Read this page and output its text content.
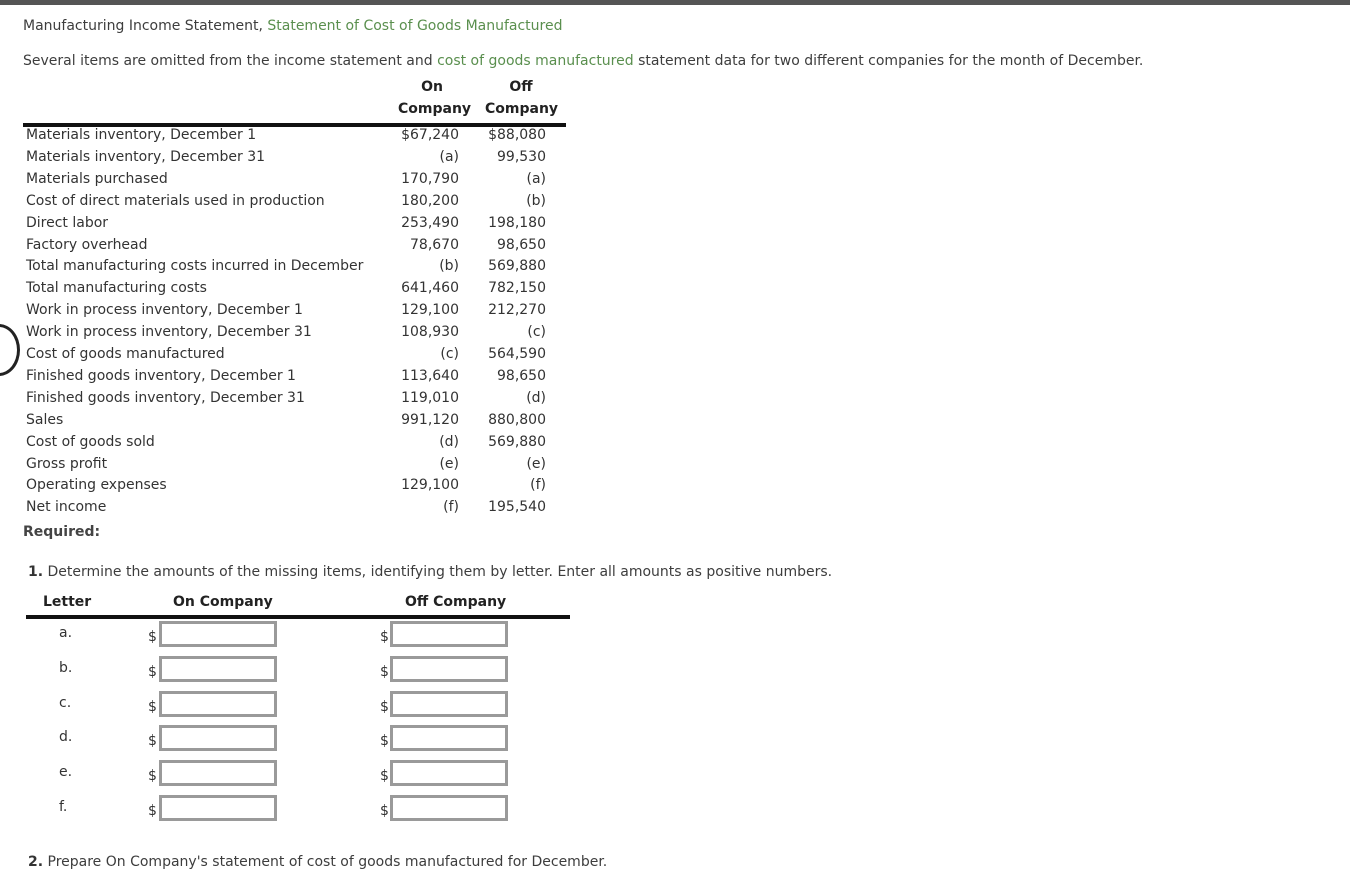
Manufacturing Income Statement, Statement of Cost of Goods Manufactured
Several items are omitted from the income statement and cost of goods manufactured statement data for two different companies for the month of December.
On
Company
Off
Company
Materials inventory, December 1	$67,240 $88,080
Materials inventory, December 31	(a)	99,530
Materials purchased	170,790	(a)
Cost of direct materials used in production	180,200	(b)
Direct labor	253,490 198,180
Factory overhead	78,670	98,650
Total manufacturing costs incurred in December	(b) 569,880
Total manufacturing costs	641,460 782,150
Work in process inventory, December 1	129,100 212,270
Work in process inventory, December 31	108,930	(c)
Cost of goods manufactured	(c) 564,590
Finished goods inventory, December 1	113,640	98,650
Finished goods inventory, December 31	119,010	(d)
Sales	991,120 880,800
Cost of goods sold	(d) 569,880
Gross profit	(e)	(e)
Operating expenses	129,100	(f)
Net income	(f) 195,540
Required:
1. Determine the amounts of the missing items, identifying them by letter. Enter all amounts as positive numbers.
Letter	On Company	Off Company
a.	$	$
b.	$	$
c.	$	$
d.	$	$
e.	$	$
f.	$	$
2. Prepare On Company's statement of cost of goods manufactured for December.
